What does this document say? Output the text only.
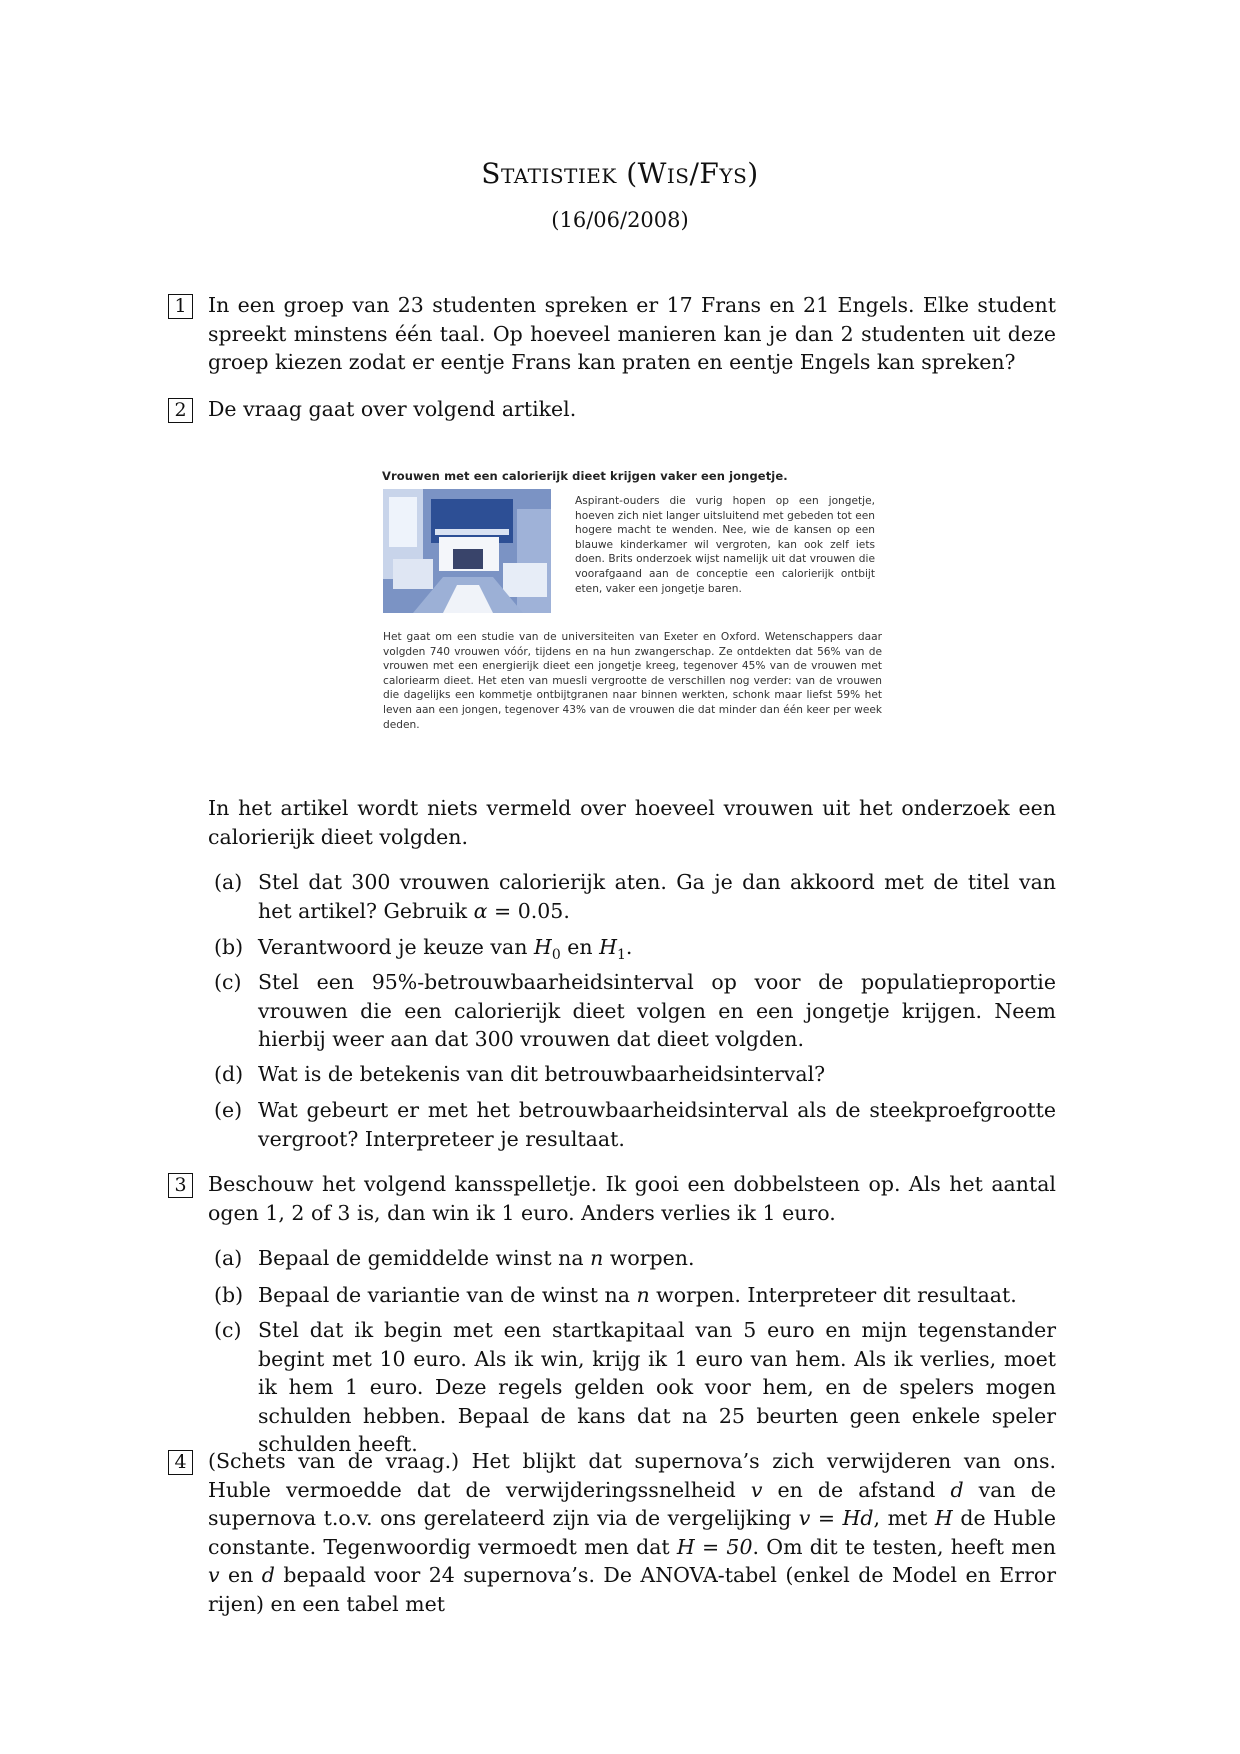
Statistiek (Wis/Fys)
(16/06/2008)
1	In een groep van 23 studenten spreken er 17 Frans en 21 Engels. Elke student spreekt minstens één taal. Op hoeveel manieren kan je dan 2 studenten uit deze groep kiezen zodat er eentje Frans kan praten en eentje Engels kan spreken?
2	De vraag gaat over volgend artikel.
Vrouwen met een calorierijk dieet krijgen vaker een jongetje.
Aspirant-ouders die vurig hopen op een jongetje, hoeven zich niet langer uitsluitend met gebeden tot een hogere macht te wenden. Nee, wie de kansen op een blauwe kinderkamer wil vergroten, kan ook zelf iets doen. Brits onderzoek wijst namelijk uit dat vrouwen die voorafgaand aan de conceptie een calorierijk ontbijt eten, vaker een jongetje baren.
Het gaat om een studie van de universiteiten van Exeter en Oxford. Wetenschappers daar volgden 740 vrouwen vóór, tijdens en na hun zwangerschap. Ze ontdekten dat 56% van de vrouwen met een energierijk dieet een jongetje kreeg, tegenover 45% van de vrouwen met caloriearm dieet. Het eten van muesli vergrootte de verschillen nog verder: van de vrouwen die dagelijks een kommetje ontbijtgranen naar binnen werkten, schonk maar liefst 59% het leven aan een jongen, tegenover 43% van de vrouwen die dat minder dan één keer per week deden.
In het artikel wordt niets vermeld over hoeveel vrouwen uit het onderzoek een calorierijk dieet volgden.
(a) Stel dat 300 vrouwen calorierijk aten. Ga je dan akkoord met de titel van het artikel? Gebruik α = 0.05.
(b) Verantwoord je keuze van $H_0$ en $H_1$.
(c) Stel een 95%-betrouwbaarheidsinterval op voor de populatieproportie vrouwen die een calorierijk dieet volgen en een jongetje krijgen. Neem hierbij weer aan dat 300 vrouwen dat dieet volgden.
(d) Wat is de betekenis van dit betrouwbaarheidsinterval?
(e) Wat gebeurt er met het betrouwbaarheidsinterval als de steekproefgrootte vergroot? Interpreteer je resultaat.
3	Beschouw het volgend kansspelletje. Ik gooi een dobbelsteen op. Als het aantal ogen 1, 2 of 3 is, dan win ik 1 euro. Anders verlies ik 1 euro.
(a) Bepaal de gemiddelde winst na n worpen.
(b) Bepaal de variantie van de winst na n worpen. Interpreteer dit resultaat.
(c) Stel dat ik begin met een startkapitaal van 5 euro en mijn tegenstander begint met 10 euro. Als ik win, krijg ik 1 euro van hem. Als ik verlies, moet ik hem 1 euro. Deze regels gelden ook voor hem, en de spelers mogen schulden hebben. Bepaal de kans dat na 25 beurten geen enkele speler schulden heeft.
4	(Schets van de vraag.) Het blijkt dat supernova’s zich verwijderen van ons. Huble vermoedde dat de verwijderingssnelheid v en de afstand d van de supernova t.o.v. ons gerelateerd zijn via de vergelijking v = Hd, met H de Huble constante. Tegenwoordig vermoedt men dat H = 50. Om dit te testen, heeft men v en d bepaald voor 24 supernova’s. De ANOVA-tabel (enkel de Model en Error rijen) en een tabel met
